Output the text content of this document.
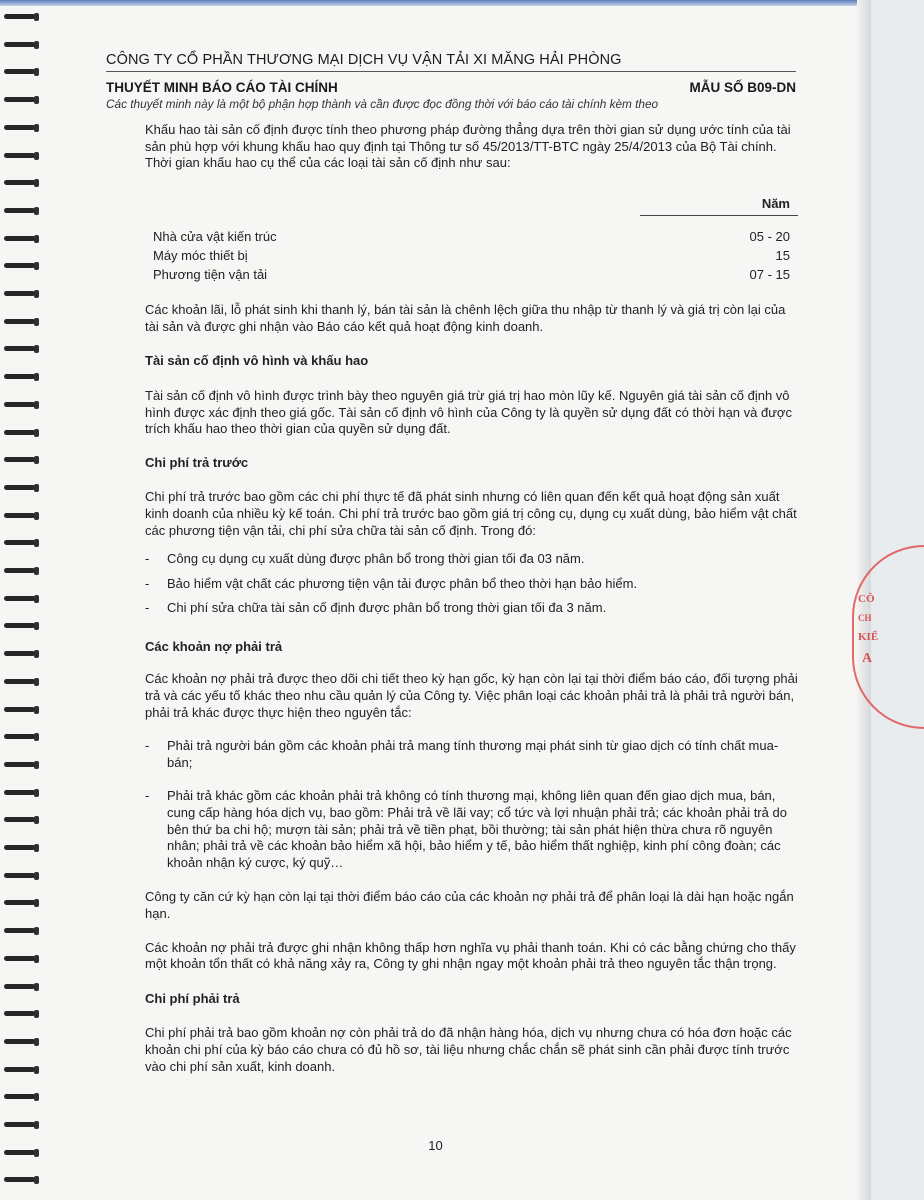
CÔNG TY CỔ PHẦN THƯƠNG MẠI DỊCH VỤ VẬN TẢI XI MĂNG HẢI PHÒNG
THUYẾT MINH BÁO CÁO TÀI CHÍNH	MẪU SỐ B09-DN
Các thuyết minh này là một bộ phận hợp thành và cần được đọc đồng thời với báo cáo tài chính kèm theo

Khấu hao tài sản cố định được tính theo phương pháp đường thẳng dựa trên thời gian sử dụng ước tính của tài sản phù hợp với khung khấu hao quy định tại Thông tư số 45/2013/TT-BTC ngày 25/4/2013 của Bộ Tài chính. Thời gian khấu hao cụ thể của các loại tài sản cố định như sau:

Năm	
Nhà cửa vật kiến trúc	05 - 20
Máy móc thiết bị	15
Phương tiện vận tải	07 - 15

Các khoản lãi, lỗ phát sinh khi thanh lý, bán tài sản là chênh lệch giữa thu nhập từ thanh lý và giá trị còn lại của tài sản và được ghi nhận vào Báo cáo kết quả hoạt động kinh doanh.

Tài sản cố định vô hình và khấu hao

Tài sản cố định vô hình được trình bày theo nguyên giá trừ giá trị hao mòn lũy kế. Nguyên giá tài sản cố định vô hình được xác định theo giá gốc. Tài sản cố định vô hình của Công ty là quyền sử dụng đất có thời hạn và được trích khấu hao theo thời gian của quyền sử dụng đất.

Chi phí trả trước

Chi phí trả trước bao gồm các chi phí thực tế đã phát sinh nhưng có liên quan đến kết quả hoạt động sản xuất kinh doanh của nhiều kỳ kế toán. Chi phí trả trước bao gồm giá trị công cụ, dụng cụ xuất dùng, bảo hiểm vật chất các phương tiện vận tải, chi phí sửa chữa tài sản cố định. Trong đó:

- Công cụ dụng cụ xuất dùng được phân bổ trong thời gian tối đa 03 năm.
- Bảo hiểm vật chất các phương tiện vận tải được phân bổ theo thời hạn bảo hiểm.
- Chi phí sửa chữa tài sản cố định được phân bổ trong thời gian tối đa 3 năm.

Các khoản nợ phải trả

Các khoản nợ phải trả được theo dõi chi tiết theo kỳ hạn gốc, kỳ hạn còn lại tại thời điểm báo cáo, đối tượng phải trả và các yếu tố khác theo nhu cầu quản lý của Công ty. Việc phân loại các khoản phải trả là phải trả người bán, phải trả khác được thực hiện theo nguyên tắc:

- Phải trả người bán gồm các khoản phải trả mang tính thương mại phát sinh từ giao dịch có tính chất mua-bán;
- Phải trả khác gồm các khoản phải trả không có tính thương mại, không liên quan đến giao dịch mua, bán, cung cấp hàng hóa dịch vụ, bao gồm: Phải trả về lãi vay; cổ tức và lợi nhuận phải trả; các khoản phải trả do bên thứ ba chi hộ; mượn tài sản; phải trả về tiền phạt, bồi thường; tài sản phát hiện thừa chưa rõ nguyên nhân; phải trả về các khoản bảo hiểm xã hội, bảo hiểm y tế, bảo hiểm thất nghiệp, kinh phí công đoàn; các khoản nhận ký cược, ký quỹ…

Công ty căn cứ kỳ hạn còn lại tại thời điểm báo cáo của các khoản nợ phải trả để phân loại là dài hạn hoặc ngắn hạn.

Các khoản nợ phải trả được ghi nhận không thấp hơn nghĩa vụ phải thanh toán. Khi có các bằng chứng cho thấy một khoản tổn thất có khả năng xảy ra, Công ty ghi nhận ngay một khoản phải trả theo nguyên tắc thận trọng.

Chi phí phải trả

Chi phí phải trả bao gồm khoản nợ còn phải trả do đã nhận hàng hóa, dịch vụ nhưng chưa có hóa đơn hoặc các khoản chi phí của kỳ báo cáo chưa có đủ hồ sơ, tài liệu nhưng chắc chắn sẽ phát sinh cần phải được tính trước vào chi phí sản xuất, kinh doanh.

10
CÔ
CH
KIỂ
A
